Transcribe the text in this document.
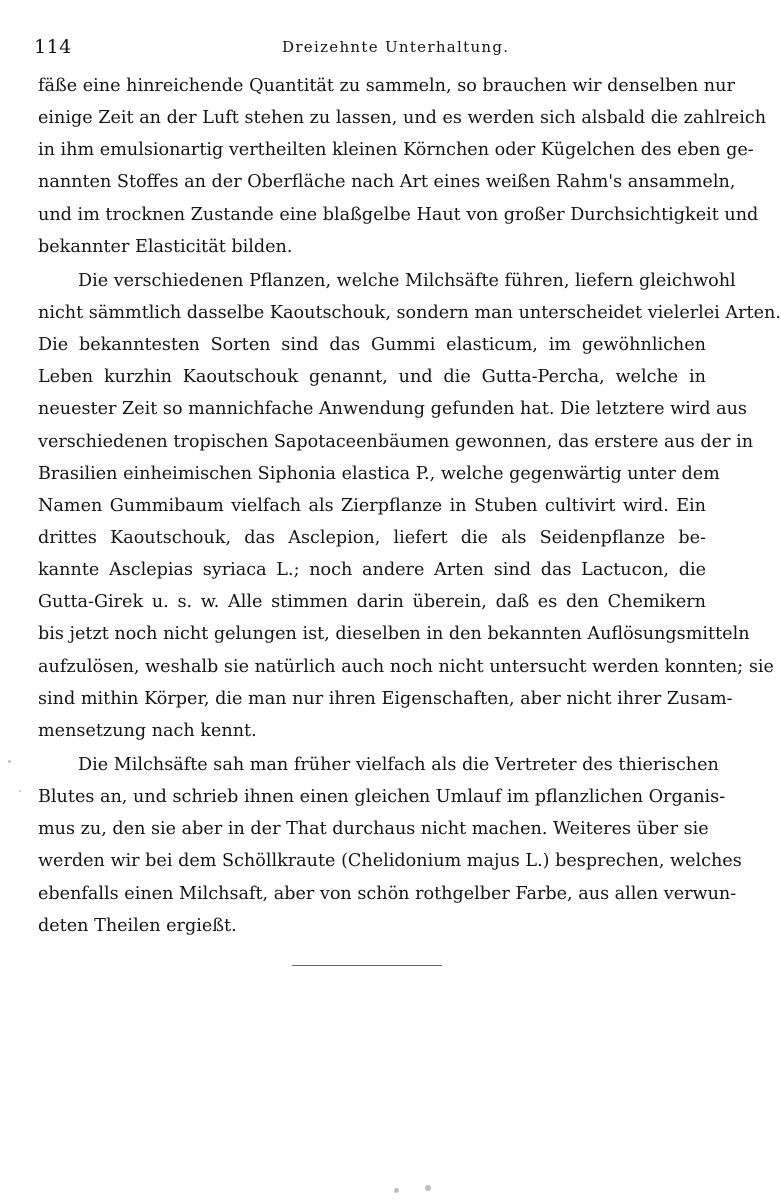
114	Dreizehnte Unterhaltung.
fäße eine hinreichende Quantität zu sammeln, so brauchen wir denselben nur
einige Zeit an der Luft stehen zu lassen, und es werden sich alsbald die zahlreich
in ihm emulsionartig vertheilten kleinen Körnchen oder Kügelchen des eben ge-
nannten Stoffes an der Oberfläche nach Art eines weißen Rahm's ansammeln,
und im trocknen Zustande eine blaßgelbe Haut von großer Durchsichtigkeit und
bekannter Elasticität bilden.
Die verschiedenen Pflanzen, welche Milchsäfte führen, liefern gleichwohl
nicht sämmtlich dasselbe Kaoutschouk, sondern man unterscheidet vielerlei Arten.
Die bekanntesten Sorten sind das Gummi elasticum, im gewöhnlichen
Leben kurzhin Kaoutschouk genannt, und die Gutta-Percha, welche in
neuester Zeit so mannichfache Anwendung gefunden hat. Die letztere wird aus
verschiedenen tropischen Sapotaceenbäumen gewonnen, das erstere aus der in
Brasilien einheimischen Siphonia elastica P., welche gegenwärtig unter dem
Namen Gummibaum vielfach als Zierpflanze in Stuben cultivirt wird. Ein
drittes Kaoutschouk, das Asclepion, liefert die als Seidenpflanze be-
kannte Asclepias syriaca L.; noch andere Arten sind das Lactucon, die
Gutta-Girek u. s. w. Alle stimmen darin überein, daß es den Chemikern
bis jetzt noch nicht gelungen ist, dieselben in den bekannten Auflösungsmitteln
aufzulösen, weshalb sie natürlich auch noch nicht untersucht werden konnten; sie
sind mithin Körper, die man nur ihren Eigenschaften, aber nicht ihrer Zusam-
mensetzung nach kennt.
Die Milchsäfte sah man früher vielfach als die Vertreter des thierischen
Blutes an, und schrieb ihnen einen gleichen Umlauf im pflanzlichen Organis-
mus zu, den sie aber in der That durchaus nicht machen. Weiteres über sie
werden wir bei dem Schöllkraute (Chelidonium majus L.) besprechen, welches
ebenfalls einen Milchsaft, aber von schön rothgelber Farbe, aus allen verwun-
deten Theilen ergießt.
